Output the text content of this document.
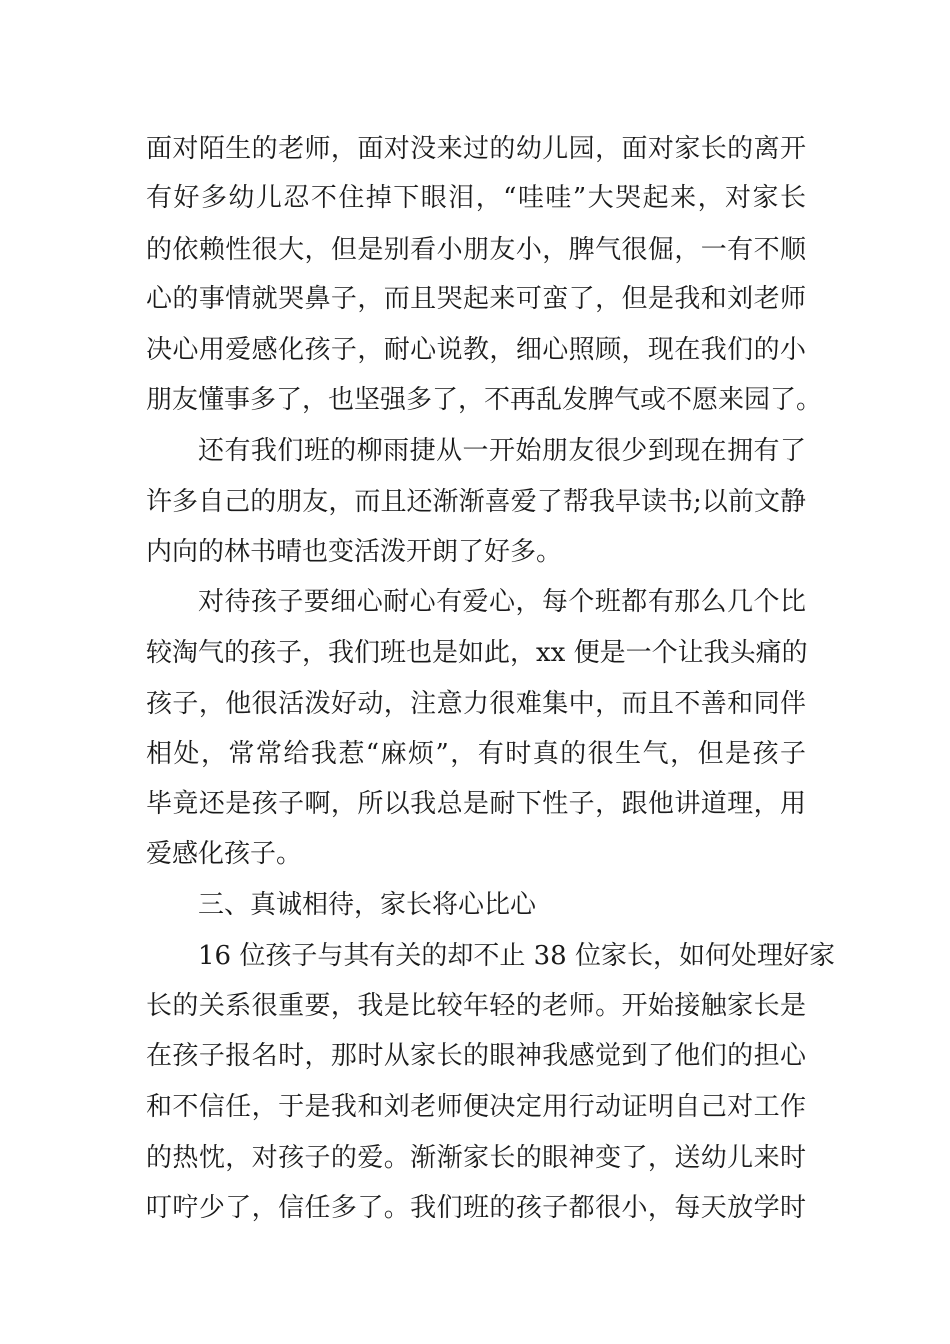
面对陌生的老师，面对没来过的幼儿园，面对家长的离开
有好多幼儿忍不住掉下眼泪，“哇哇”大哭起来，对家长
的依赖性很大，但是别看小朋友小，脾气很倔，一有不顺
心的事情就哭鼻子，而且哭起来可蛮了，但是我和刘老师
决心用爱感化孩子，耐心说教，细心照顾，现在我们的小
朋友懂事多了，也坚强多了，不再乱发脾气或不愿来园了。
还有我们班的柳雨捷从一开始朋友很少到现在拥有了
许多自己的朋友，而且还渐渐喜爱了帮我早读书;以前文静
内向的林书晴也变活泼开朗了好多。
对待孩子要细心耐心有爱心，每个班都有那么几个比
较淘气的孩子，我们班也是如此，xx 便是一个让我头痛的
孩子，他很活泼好动，注意力很难集中，而且不善和同伴
相处，常常给我惹“麻烦”，有时真的很生气，但是孩子
毕竟还是孩子啊，所以我总是耐下性子，跟他讲道理，用
爱感化孩子。
三、真诚相待，家长将心比心
16 位孩子与其有关的却不止 38 位家长，如何处理好家
长的关系很重要，我是比较年轻的老师。开始接触家长是
在孩子报名时，那时从家长的眼神我感觉到了他们的担心
和不信任，于是我和刘老师便决定用行动证明自己对工作
的热忱，对孩子的爱。渐渐家长的眼神变了，送幼儿来时
叮咛少了，信任多了。我们班的孩子都很小，每天放学时
